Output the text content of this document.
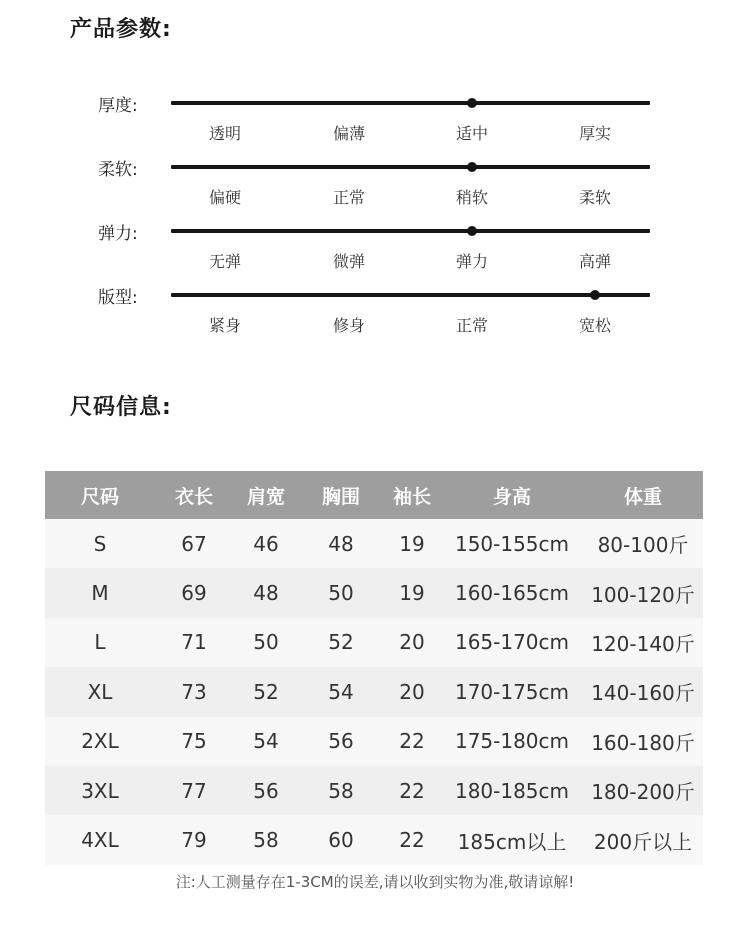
产品参数:
厚度:
透明	偏薄	适中	厚实
柔软:
偏硬	正常	稍软	柔软
弹力:
无弹	微弹	弹力	高弹
版型:
紧身	修身	正常	宽松
尺码信息:
尺码	衣长	肩宽	胸围	袖长	身高	体重
S	67	46	48	19	150-155cm	80-100斤
M	69	48	50	19	160-165cm	100-120斤
L	71	50	52	20	165-170cm	120-140斤
XL	73	52	54	20	170-175cm	140-160斤
2XL	75	54	56	22	175-180cm	160-180斤
3XL	77	56	58	22	180-185cm	180-200斤
4XL	79	58	60	22	185cm以上	200斤以上
注:人工测量存在1-3CM的误差,请以收到实物为准,敬请谅解!
